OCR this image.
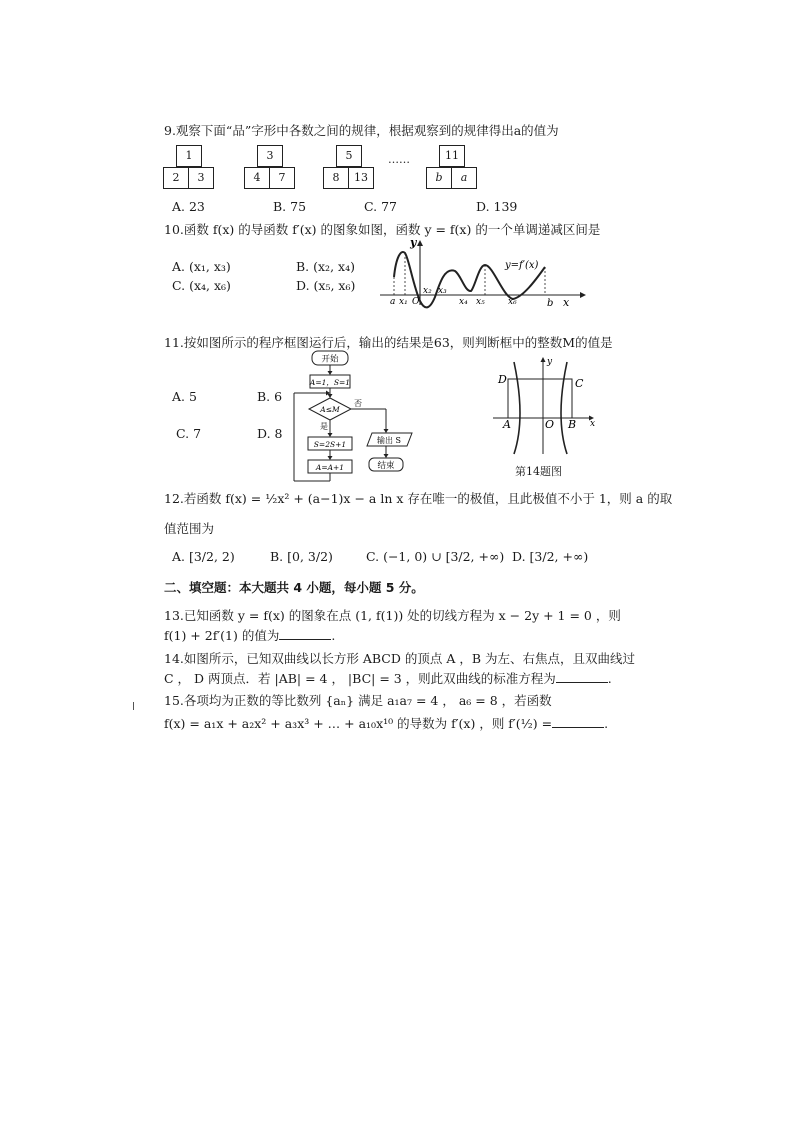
9.观察下面“品”字形中各数之间的规律，根据观察到的规律得出a的值为
1
2	3
3
4	7
5
8	13
……	11
b	a
A. 23	B. 75	C. 77	D. 139
10.函数 f(x) 的导函数 f′(x) 的图象如图，函数 y = f(x) 的一个单调递减区间是
A. (x₁, x₃)	B. (x₂, x₄)
C. (x₄, x₆)	D. (x₅, x₆)
y
x
y=f′(x)
a x₁ O
x₂ x₃
x₄ x₅	x₆	b
11.按如图所示的程序框图运行后，输出的结果是63，则判断框中的整数M的值是
A. 5	B. 6
C. 7	D. 8
开始
A=1，S=1
A≤M
否
输出 S
结束
是
S=2S+1
A=A+1
D	C
A	O B x
y
第14题图
12.若函数 f(x) = ½x² + (a−1)x − a ln x 存在唯一的极值，且此极值不小于 1，则 a 的取
值范围为
A. [3/2, 2)	B. [0, 3/2)	C. (−1, 0) ∪ [3/2, +∞) D. [3/2, +∞)
二、填空题：本大题共 4 小题，每小题 5 分。
13.已知函数 y = f(x) 的图象在点 (1, f(1)) 处的切线方程为 x − 2y + 1 = 0 ，则
f(1) + 2f′(1) 的值为	.
14.如图所示，已知双曲线以长方形 ABCD 的顶点 A ，B 为左、右焦点，且双曲线过
C ， D 两顶点．若 |AB| = 4 ， |BC| = 3 ，则此双曲线的标准方程为	.
15.各项均为正数的等比数列 {aₙ} 满足 a₁a₇ = 4 ， a₆ = 8 ，若函数
f(x) = a₁x + a₂x² + a₃x³ + … + a₁₀x¹⁰ 的导数为 f′(x) ，则 f′(½) =	.
